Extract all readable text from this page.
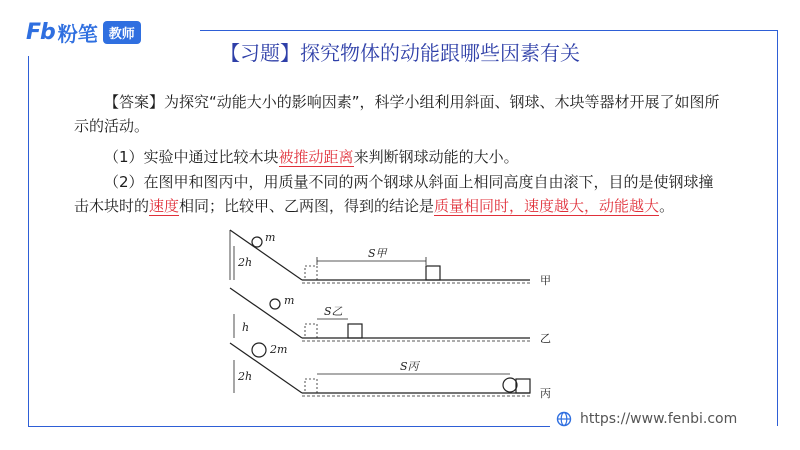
Fb 粉笔 教师
【习题】探究物体的动能跟哪些因素有关
【答案】为探究“动能大小的影响因素”，科学小组利用斜面、钢球、木块等器材开展了如图所示的活动。
（1）实验中通过比较木块被推动距离来判断钢球动能的大小。
（2）在图甲和图丙中，用质量不同的两个钢球从斜面上相同高度自由滚下，目的是使钢球撞击木块时的速度相同；比较甲、乙两图，得到的结论是质量相同时，速度越大，动能越大。
2h
m
S甲
甲
h
m
S乙
乙
2h
2m
S丙
丙
https://www.fenbi.com
